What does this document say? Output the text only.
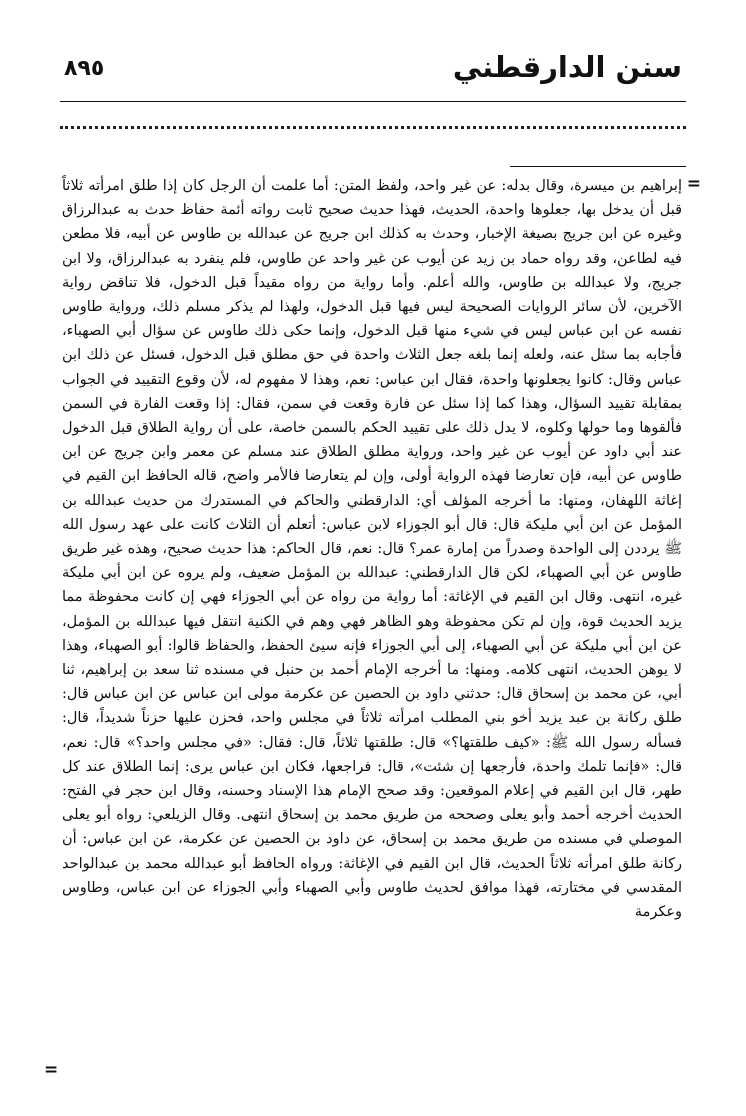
٨٩٥	سنن الدارقطني
=
إبراهيم بن ميسرة، وقال بدله: عن غير واحد، ولفظ المتن: أما علمت أن الرجل كان إذا طلق امرأته ثلاثاً قبل أن يدخل بها، جعلوها واحدة، الحديث، فهذا حديث صحيح ثابت رواته أئمة حفاظ حدث به عبدالرزاق وغيره عن ابن جريج بصيغة الإخبار، وحدث به كذلك ابن جريج عن عبدالله بن طاوس عن أبيه، فلا مطعن فيه لطاعن، وقد رواه حماد بن زيد عن أيوب عن غير واحد عن طاوس، فلم ينفرد به عبدالرزاق، ولا ابن جريج، ولا عبدالله بن طاوس، والله أعلم. وأما رواية من رواه مقيداً قبل الدخول، فلا تناقض رواية الآخرين، لأن سائر الروايات الصحيحة ليس فيها قبل الدخول، ولهذا لم يذكر مسلم ذلك، ورواية طاوس نفسه عن ابن عباس ليس في شيء منها قبل الدخول، وإنما حكى ذلك طاوس عن سؤال أبي الصهباء، فأجابه بما سئل عنه، ولعله إنما بلغه جعل الثلاث واحدة في حق مطلق قبل الدخول، فسئل عن ذلك ابن عباس وقال: كانوا يجعلونها واحدة، فقال ابن عباس: نعم، وهذا لا مفهوم له، لأن وقوع التقييد في الجواب بمقابلة تقييد السؤال، وهذا كما إذا سئل عن فارة وقعت في سمن، فقال: إذا وقعت الفارة في السمن فألقوها وما حولها وكلوه، لا يدل ذلك على تقييد الحكم بالسمن خاصة، على أن رواية الطلاق قبل الدخول عند أبي داود عن أيوب عن غير واحد، ورواية مطلق الطلاق عند مسلم عن معمر وابن جريج عن ابن طاوس عن أبيه، فإن تعارضا فهذه الرواية أولى، وإن لم يتعارضا فالأمر واضح، قاله الحافظ ابن القيم في إغاثة اللهفان، ومنها: ما أخرجه المؤلف أي: الدارقطني والحاكم في المستدرك من حديث عبدالله بن المؤمل عن ابن أبي مليكة قال: قال أبو الجوزاء لابن عباس: أتعلم أن الثلاث كانت على عهد رسول الله ﷺ يرددن إلى الواحدة وصدراً من إمارة عمر؟ قال: نعم، قال الحاكم: هذا حديث صحيح، وهذه غير طريق طاوس عن أبي الصهباء، لكن قال الدارقطني: عبدالله بن المؤمل ضعيف، ولم يروه عن ابن أبي مليكة غيره، انتهى. وقال ابن القيم في الإغاثة: أما رواية من رواه عن أبي الجوزاء فهي إن كانت محفوظة مما يزيد الحديث قوة، وإن لم تكن محفوظة وهو الظاهر فهي وهم في الكنية انتقل فيها عبدالله بن المؤمل، عن ابن أبي مليكة عن أبي الصهباء، إلى أبي الجوزاء فإنه سيئ الحفظ، والحفاظ قالوا: أبو الصهباء، وهذا لا يوهن الحديث، انتهى كلامه. ومنها: ما أخرجه الإمام أحمد بن حنبل في مسنده ثنا سعد بن إبراهيم، ثنا أبي، عن محمد بن إسحاق قال: حدثني داود بن الحصين عن عكرمة مولى ابن عباس عن ابن عباس قال: طلق ركانة بن عبد يزيد أخو بني المطلب امرأته ثلاثاً في مجلس واحد، فحزن عليها حزناً شديداً، قال: فسأله رسول الله ﷺ: «كيف طلقتها؟» قال: طلقتها ثلاثاً، قال: فقال: «في مجلس واحد؟» قال: نعم، قال: «فإنما تلمك واحدة، فأرجعها إن شئت»، قال: فراجعها، فكان ابن عباس يرى: إنما الطلاق عند كل طهر، قال ابن القيم في إعلام الموقعين: وقد صحح الإمام هذا الإسناد وحسنه، وقال ابن حجر في الفتح: الحديث أخرجه أحمد وأبو يعلى وصححه من طريق محمد بن إسحاق انتهى. وقال الزيلعي: رواه أبو يعلى الموصلي في مسنده من طريق محمد بن إسحاق، عن داود بن الحصين عن عكرمة، عن ابن عباس: أن ركانة طلق امرأته ثلاثاً الحديث، قال ابن القيم في الإغاثة: ورواه الحافظ أبو عبدالله محمد بن عبدالواحد المقدسي في مختارته، فهذا موافق لحديث طاوس وأبي الصهباء وأبي الجوزاء عن ابن عباس، وطاوس وعكرمة
=
